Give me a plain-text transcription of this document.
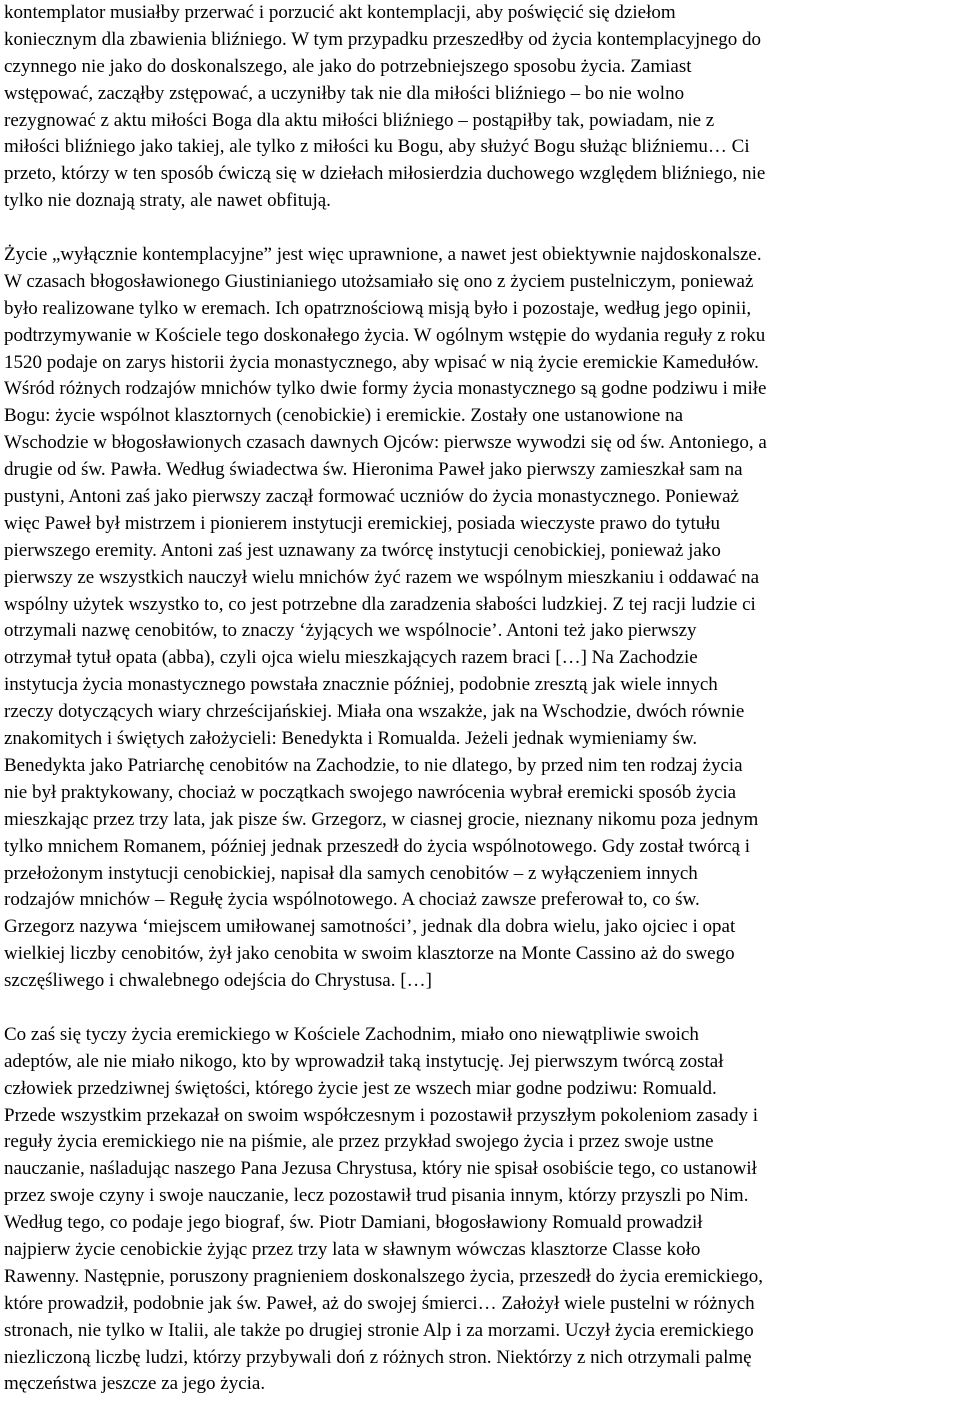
kontemplator musiałby przerwać i porzucić akt kontemplacji, aby poświęcić się dziełom
koniecznym dla zbawienia bliźniego. W tym przypadku przeszedłby od życia kontemplacyjnego do
czynnego nie jako do doskonalszego, ale jako do potrzebniejszego sposobu życia. Zamiast
wstępować, zacząłby zstępować, a uczyniłby tak nie dla miłości bliźniego – bo nie wolno
rezygnować z aktu miłości Boga dla aktu miłości bliźniego – postąpiłby tak, powiadam, nie z
miłości bliźniego jako takiej, ale tylko z miłości ku Bogu, aby służyć Bogu służąc bliźniemu… Ci
przeto, którzy w ten sposób ćwiczą się w dziełach miłosierdzia duchowego względem bliźniego, nie
tylko nie doznają straty, ale nawet obfitują.
Życie „wyłącznie kontemplacyjne” jest więc uprawnione, a nawet jest obiektywnie najdoskonalsze.
W czasach błogosławionego Giustinianiego utożsamiało się ono z życiem pustelniczym, ponieważ
było realizowane tylko w eremach. Ich opatrznościową misją było i pozostaje, według jego opinii,
podtrzymywanie w Kościele tego doskonałego życia. W ogólnym wstępie do wydania reguły z roku
1520 podaje on zarys historii życia monastycznego, aby wpisać w nią życie eremickie Kamedułów.
Wśród różnych rodzajów mnichów tylko dwie formy życia monastycznego są godne podziwu i miłe
Bogu: życie wspólnot klasztornych (cenobickie) i eremickie. Zostały one ustanowione na
Wschodzie w błogosławionych czasach dawnych Ojców: pierwsze wywodzi się od św. Antoniego, a
drugie od św. Pawła. Według świadectwa św. Hieronima Paweł jako pierwszy zamieszkał sam na
pustyni, Antoni zaś jako pierwszy zaczął formować uczniów do życia monastycznego. Ponieważ
więc Paweł był mistrzem i pionierem instytucji eremickiej, posiada wieczyste prawo do tytułu
pierwszego eremity. Antoni zaś jest uznawany za twórcę instytucji cenobickiej, ponieważ jako
pierwszy ze wszystkich nauczył wielu mnichów żyć razem we wspólnym mieszkaniu i oddawać na
wspólny użytek wszystko to, co jest potrzebne dla zaradzenia słabości ludzkiej. Z tej racji ludzie ci
otrzymali nazwę cenobitów, to znaczy ‘żyjących we wspólnocie’. Antoni też jako pierwszy
otrzymał tytuł opata (abba), czyli ojca wielu mieszkających razem braci […] Na Zachodzie
instytucja życia monastycznego powstała znacznie później, podobnie zresztą jak wiele innych
rzeczy dotyczących wiary chrześcijańskiej. Miała ona wszakże, jak na Wschodzie, dwóch równie
znakomitych i świętych założycieli: Benedykta i Romualda. Jeżeli jednak wymieniamy św.
Benedykta jako Patriarchę cenobitów na Zachodzie, to nie dlatego, by przed nim ten rodzaj życia
nie był praktykowany, chociaż w początkach swojego nawrócenia wybrał eremicki sposób życia
mieszkając przez trzy lata, jak pisze św. Grzegorz, w ciasnej grocie, nieznany nikomu poza jednym
tylko mnichem Romanem, później jednak przeszedł do życia wspólnotowego. Gdy został twórcą i
przełożonym instytucji cenobickiej, napisał dla samych cenobitów – z wyłączeniem innych
rodzajów mnichów – Regułę życia wspólnotowego. A chociaż zawsze preferował to, co św.
Grzegorz nazywa ‘miejscem umiłowanej samotności’, jednak dla dobra wielu, jako ojciec i opat
wielkiej liczby cenobitów, żył jako cenobita w swoim klasztorze na Monte Cassino aż do swego
szczęśliwego i chwalebnego odejścia do Chrystusa. […]
Co zaś się tyczy życia eremickiego w Kościele Zachodnim, miało ono niewątpliwie swoich
adeptów, ale nie miało nikogo, kto by wprowadził taką instytucję. Jej pierwszym twórcą został
człowiek przedziwnej świętości, którego życie jest ze wszech miar godne podziwu: Romuald.
Przede wszystkim przekazał on swoim współczesnym i pozostawił przyszłym pokoleniom zasady i
reguły życia eremickiego nie na piśmie, ale przez przykład swojego życia i przez swoje ustne
nauczanie, naśladując naszego Pana Jezusa Chrystusa, który nie spisał osobiście tego, co ustanowił
przez swoje czyny i swoje nauczanie, lecz pozostawił trud pisania innym, którzy przyszli po Nim.
Według tego, co podaje jego biograf, św. Piotr Damiani, błogosławiony Romuald prowadził
najpierw życie cenobickie żyjąc przez trzy lata w sławnym wówczas klasztorze Classe koło
Rawenny. Następnie, poruszony pragnieniem doskonalszego życia, przeszedł do życia eremickiego,
które prowadził, podobnie jak św. Paweł, aż do swojej śmierci… Założył wiele pustelni w różnych
stronach, nie tylko w Italii, ale także po drugiej stronie Alp i za morzami. Uczył życia eremickiego
niezliczoną liczbę ludzi, którzy przybywali doń z różnych stron. Niektórzy z nich otrzymali palmę
męczeństwa jeszcze za jego życia.
